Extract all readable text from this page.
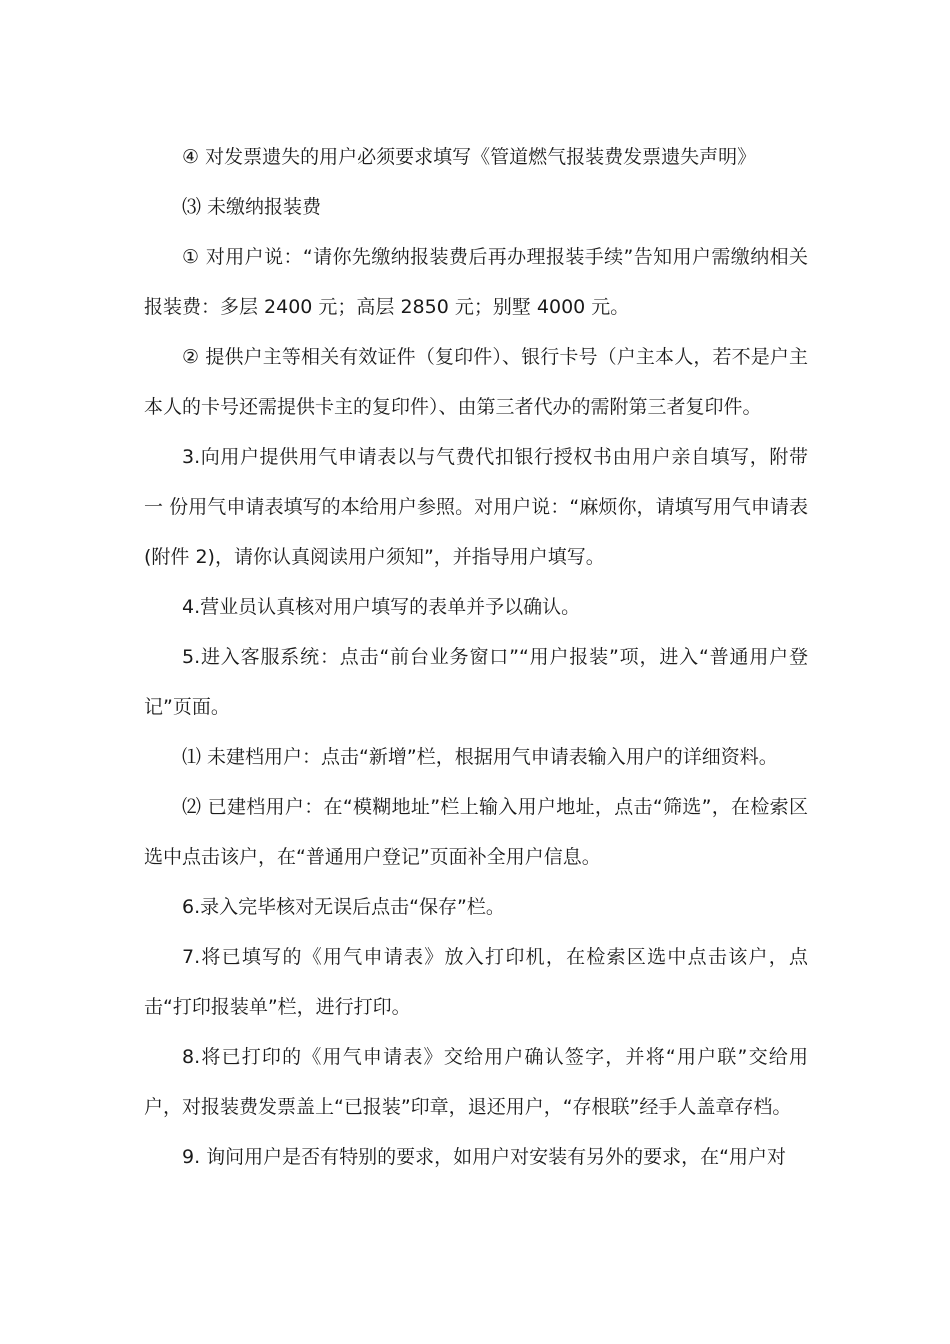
④ 对发票遗失的用户必须要求填写《管道燃气报装费发票遗失声明》

⑶ 未缴纳报装费

① 对用户说：“请你先缴纳报装费后再办理报装手续”告知用户需缴纳相关报装费：多层 2400 元；高层 2850 元；别墅 4000 元。

② 提供户主等相关有效证件（复印件）、银行卡号（户主本人，若不是户主本人的卡号还需提供卡主的复印件）、由第三者代办的需附第三者复印件。

3.向用户提供用气申请表以与气费代扣银行授权书由用户亲自填写，附带一 份用气申请表填写的本给用户参照。对用户说：“麻烦你，请填写用气申请表(附件 2)，请你认真阅读用户须知”，并指导用户填写。

4.营业员认真核对用户填写的表单并予以确认。

5.进入客服系统：点击“前台业务窗口”“用户报装”项，进入“普通用户登记”页面。

⑴ 未建档用户：点击“新增”栏，根据用气申请表输入用户的详细资料。

⑵ 已建档用户：在“模糊地址”栏上输入用户地址，点击“筛选”，在检索区选中点击该户，在“普通用户登记”页面补全用户信息。

6.录入完毕核对无误后点击“保存”栏。

7.将已填写的《用气申请表》放入打印机，在检索区选中点击该户，点击“打印报装单”栏，进行打印。

8.将已打印的《用气申请表》交给用户确认签字，并将“用户联”交给用户，对报装费发票盖上“已报装”印章，退还用户，“存根联”经手人盖章存档。

9. 询问用户是否有特别的要求，如用户对安装有另外的要求，在“用户对
